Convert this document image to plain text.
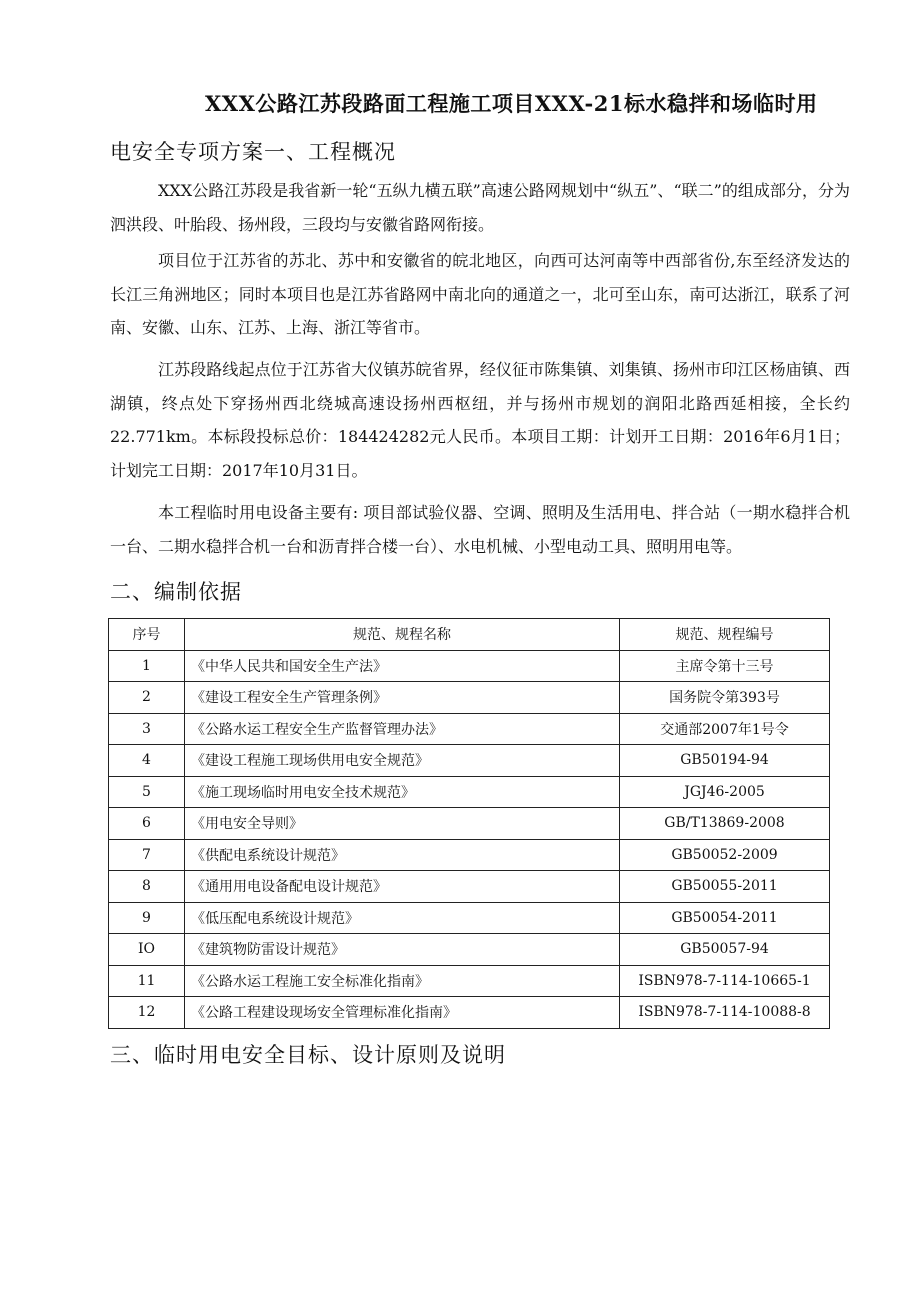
XXX公路江苏段路面工程施工项目XXX-21标水稳拌和场临时用
电安全专项方案一、工程概况

XXX公路江苏段是我省新一轮“五纵九横五联”高速公路网规划中“纵五”、“联二”的组成部分，分为泗洪段、叶胎段、扬州段，三段均与安徽省路网衔接。

项目位于江苏省的苏北、苏中和安徽省的皖北地区，向西可达河南等中西部省份,东至经济发达的长江三角洲地区；同时本项目也是江苏省路网中南北向的通道之一，北可至山东，南可达浙江，联系了河南、安徽、山东、江苏、上海、浙江等省市。

江苏段路线起点位于江苏省大仪镇苏皖省界，经仪征市陈集镇、刘集镇、扬州市印江区杨庙镇、西湖镇，终点处下穿扬州西北绕城高速设扬州西枢纽，并与扬州市规划的润阳北路西延相接，全长约22.771km。本标段投标总价：184424282元人民币。本项目工期：计划开工日期：2016年6月1日；计划完工日期：2017年10月31日。

本工程临时用电设备主要有: 项目部试验仪器、空调、照明及生活用电、拌合站（一期水稳拌合机一台、二期水稳拌合机一台和沥青拌合楼一台）、水电机械、小型电动工具、照明用电等。

二、编制依据
序号	规范、规程名称	规范、规程编号
1	《中华人民共和国安全生产法》	主席令第十三号
2	《建设工程安全生产管理条例》	国务院令第393号
3	《公路水运工程安全生产监督管理办法》	交通部2007年1号令
4	《建设工程施工现场供用电安全规范》	GB50194-94
5	《施工现场临时用电安全技术规范》	JGJ46-2005
6	《用电安全导则》	GB/T13869-2008
7	《供配电系统设计规范》	GB50052-2009
8	《通用用电设备配电设计规范》	GB50055-2011
9	《低压配电系统设计规范》	GB50054-2011
IO	《建筑物防雷设计规范》	GB50057-94
11	《公路水运工程施工安全标准化指南》	ISBN978-7-114-10665-1
12	《公路工程建设现场安全管理标准化指南》	ISBN978-7-114-10088-8
三、临时用电安全目标、设计原则及说明
